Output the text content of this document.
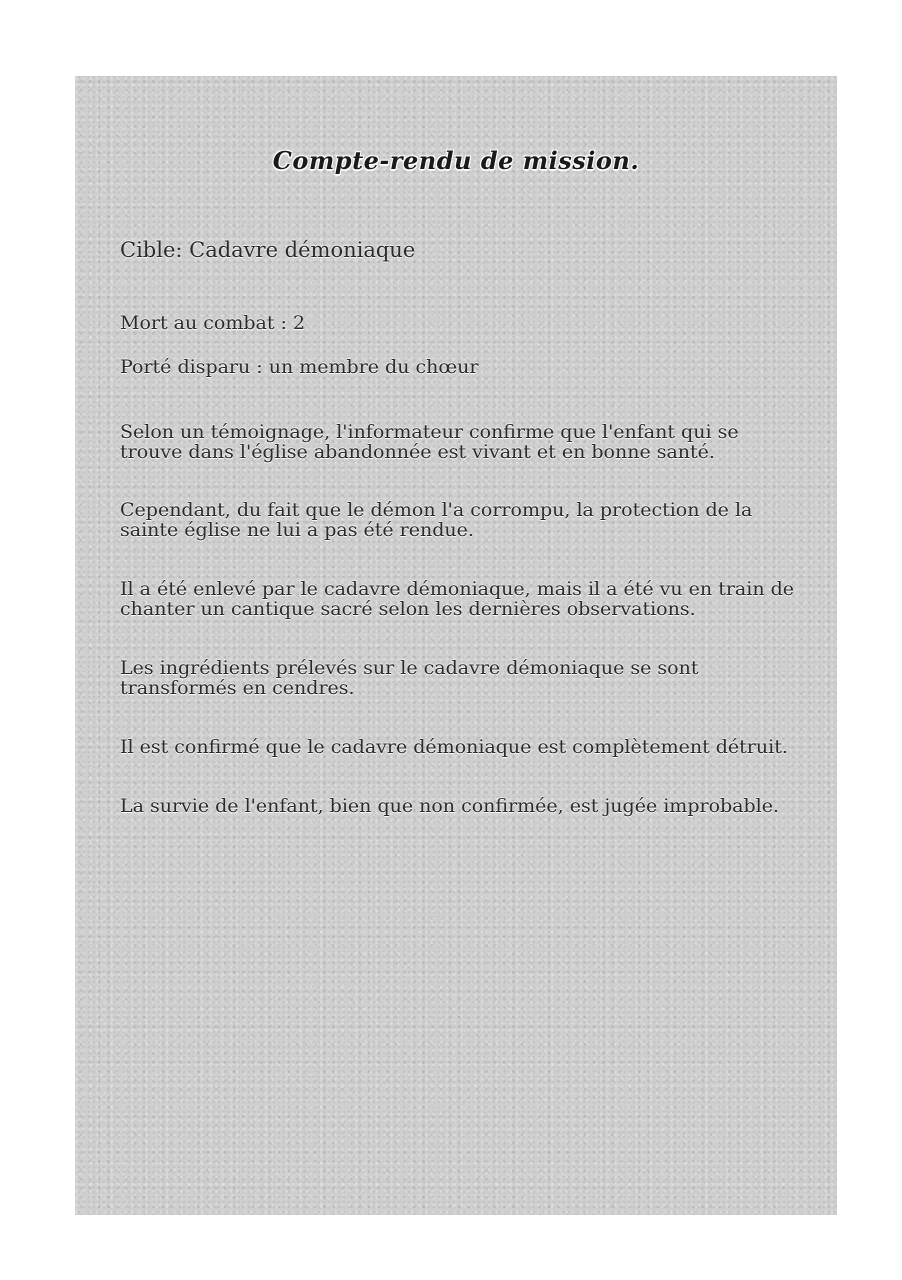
Compte-rendu de mission.
Cible: Cadavre démoniaque
Mort au combat : 2
Porté disparu : un membre du chœur
Selon un témoignage, l'informateur confirme que l'enfant qui se trouve dans l'église abandonnée est vivant et en bonne santé.
Cependant, du fait que le démon l'a corrompu, la protection de la sainte église ne lui a pas été rendue.
Il a été enlevé par le cadavre démoniaque, mais il a été vu en train de chanter un cantique sacré selon les dernières observations.
Les ingrédients prélevés sur le cadavre démoniaque se sont transformés en cendres.
Il est confirmé que le cadavre démoniaque est complètement détruit.
La survie de l'enfant, bien que non confirmée, est jugée improbable.
